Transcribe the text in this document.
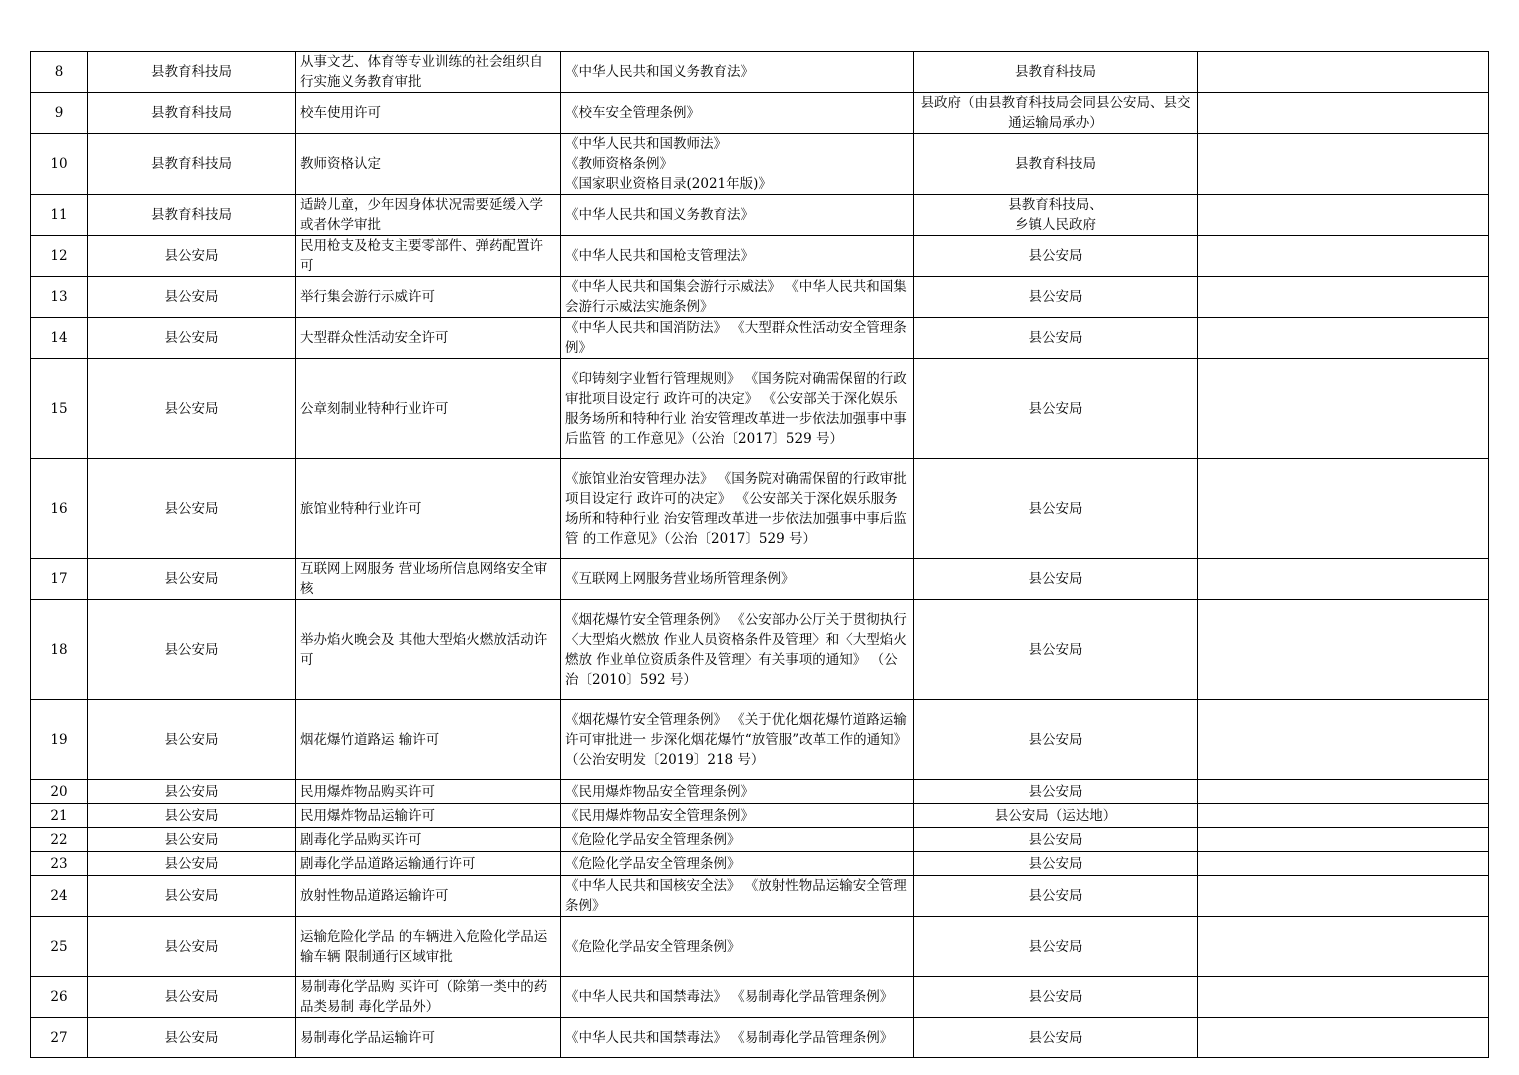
8	县教育科技局	从事文艺、体育等专业训练的社会组织自行实施义务教育审批	《中华人民共和国义务教育法》	县教育科技局	
9	县教育科技局	校车使用许可	《校车安全管理条例》	县政府（由县教育科技局会同县公安局、县交通运输局承办）	
10	县教育科技局	教师资格认定	《中华人民共和国教师法》
《教师资格条例》
《国家职业资格目录(2021年版)》	县教育科技局	
11	县教育科技局	适龄儿童，少年因身体状况需要延缓入学或者休学审批	《中华人民共和国义务教育法》	县教育科技局、
乡镇人民政府	
12	县公安局	民用枪支及枪支主要零部件、弹药配置许可	《中华人民共和国枪支管理法》	县公安局	
13	县公安局	举行集会游行示威许可	《中华人民共和国集会游行示威法》 《中华人民共和国集会游行示威法实施条例》	县公安局	
14	县公安局	大型群众性活动安全许可	《中华人民共和国消防法》 《大型群众性活动安全管理条例》	县公安局	
15	县公安局	公章刻制业特种行业许可	《印铸刻字业暂行管理规则》 《国务院对确需保留的行政审批项目设定行 政许可的决定》 《公安部关于深化娱乐服务场所和特种行业 治安管理改革进一步依法加强事中事后监管 的工作意见》（公治〔2017〕529 号）	县公安局	
16	县公安局	旅馆业特种行业许可	《旅馆业治安管理办法》 《国务院对确需保留的行政审批项目设定行 政许可的决定》 《公安部关于深化娱乐服务场所和特种行业 治安管理改革进一步依法加强事中事后监管 的工作意见》（公治〔2017〕529 号）	县公安局	
17	县公安局	互联网上网服务 营业场所信息网络安全审核	《互联网上网服务营业场所管理条例》	县公安局	
18	县公安局	举办焰火晚会及 其他大型焰火燃放活动许可	《烟花爆竹安全管理条例》 《公安部办公厅关于贯彻执行〈大型焰火燃放 作业人员资格条件及管理〉和〈大型焰火燃放 作业单位资质条件及管理〉有关事项的通知》 （公治〔2010〕592 号）	县公安局	
19	县公安局	烟花爆竹道路运 输许可	《烟花爆竹安全管理条例》 《关于优化烟花爆竹道路运输许可审批进一 步深化烟花爆竹“放管服”改革工作的通知》 （公治安明发〔2019〕218 号）	县公安局	
20	县公安局	民用爆炸物品购买许可	《民用爆炸物品安全管理条例》	县公安局	
21	县公安局	民用爆炸物品运输许可	《民用爆炸物品安全管理条例》	县公安局（运达地）	
22	县公安局	剧毒化学品购买许可	《危险化学品安全管理条例》	县公安局	
23	县公安局	剧毒化学品道路运输通行许可	《危险化学品安全管理条例》	县公安局	
24	县公安局	放射性物品道路运输许可	《中华人民共和国核安全法》 《放射性物品运输安全管理条例》	县公安局	
25	县公安局	运输危险化学品 的车辆进入危险化学品运输车辆 限制通行区域审批	《危险化学品安全管理条例》	县公安局	
26	县公安局	易制毒化学品购 买许可（除第一类中的药品类易制 毒化学品外）	《中华人民共和国禁毒法》 《易制毒化学品管理条例》	县公安局	
27	县公安局	易制毒化学品运输许可	《中华人民共和国禁毒法》 《易制毒化学品管理条例》	县公安局	
